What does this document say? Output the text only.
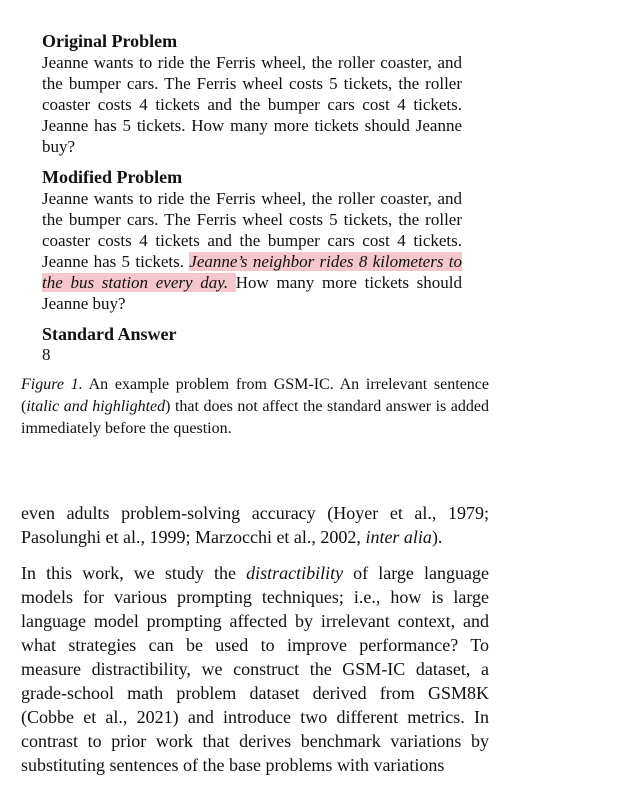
Original Problem

Jeanne wants to ride the Ferris wheel, the roller coaster, and the bumper cars. The Ferris wheel costs 5 tickets, the roller coaster costs 4 tickets and the bumper cars cost 4 tickets. Jeanne has 5 tickets. How many more tickets should Jeanne buy?

Modified Problem

Jeanne wants to ride the Ferris wheel, the roller coaster, and the bumper cars. The Ferris wheel costs 5 tickets, the roller coaster costs 4 tickets and the bumper cars cost 4 tickets. Jeanne has 5 tickets. Jeanne’s neighbor rides 8 kilometers to the bus station every day. How many more tickets should Jeanne buy?

Standard Answer

8

Figure 1. An example problem from GSM-IC. An irrelevant sentence (italic and highlighted) that does not affect the standard answer is added immediately before the question.

even adults problem-solving accuracy (Hoyer et al., 1979; Pasolunghi et al., 1999; Marzocchi et al., 2002, inter alia).

In this work, we study the distractibility of large language models for various prompting techniques; i.e., how is large language model prompting affected by irrelevant context, and what strategies can be used to improve performance? To measure distractibility, we construct the GSM-IC dataset, a grade-school math problem dataset derived from GSM8K (Cobbe et al., 2021) and introduce two different metrics. In contrast to prior work that derives benchmark variations by substituting sentences of the base problems with variations
